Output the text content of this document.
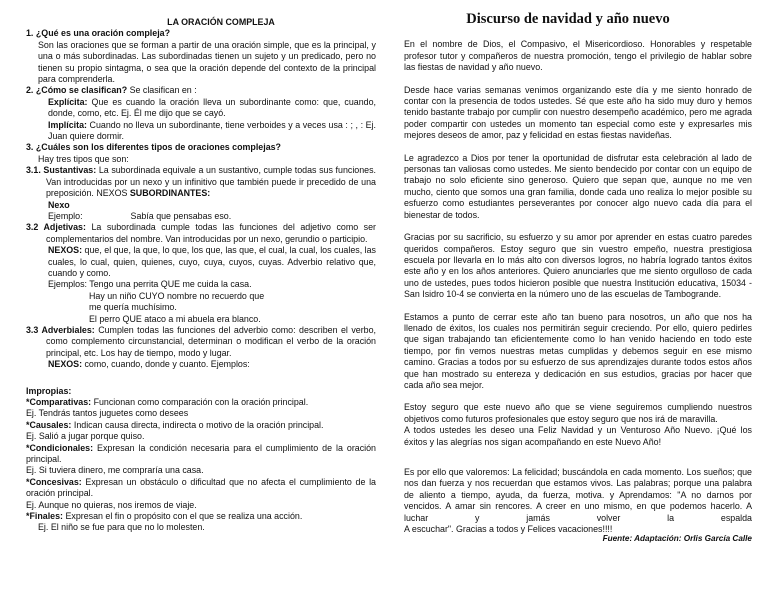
LA ORACIÓN COMPLEJA
1. ¿Qué es una oración compleja?
Son las oraciones que se forman a partir de una oración simple, que es la principal, y una o más subordinadas. Las subordinadas tienen un sujeto y un predicado, pero no tienen su propio sintagma, o sea que la oración depende del contexto de la principal para comprenderla.
2. ¿Cómo se clasifican? Se clasifican en :
Explícita: Que es cuando la oración lleva un subordinante como: que, cuando, donde, como, etc. Ej. Él me dijo que se cayó.
Implícita: Cuando no lleva un subordinante, tiene verboides y a veces usa : ; , : Ej. Juan quiere dormir.
3. ¿Cuáles son los diferentes tipos de oraciones complejas?
Hay tres tipos que son:
3.1. Sustantivas: La subordinada equivale a un sustantivo, cumple todas sus funciones. Van introducidas por un nexo y un infinitivo que también puede ir precedido de una preposición. NEXOS SUBORDINANTES:
Nexo
Ejemplo:	Sabía que pensabas eso.
3.2 Adjetivas: La subordinada cumple todas las funciones del adjetivo como ser complementarios del nombre. Van introducidas por un nexo, gerundio o participio.
NEXOS: que, el que, la que, lo que, los que, las que, el cual, la cual, los cuales, las cuales, lo cual, quien, quienes, cuyo, cuya, cuyos, cuyas. Adverbio relativo que, cuando y como.
Ejemplos: Tengo una perrita QUE me cuida la casa.
Hay un niño CUYO nombre no recuerdo que
me quería muchísimo.
El perro QUE ataco a mi abuela era blanco.
3.3 Adverbiales: Cumplen todas las funciones del adverbio como: describen el verbo, como complemento circunstancial, determinan o modifican el verbo de la oración principal, etc. Los hay de tiempo, modo y lugar.
NEXOS: como, cuando, donde y cuanto. Ejemplos:
Impropias:
*Comparativas: Funcionan como comparación con la oración principal.
Ej. Tendrás tantos juguetes como desees
*Causales: Indican causa directa, indirecta o motivo de la oración principal.
Ej. Salió a jugar porque quiso.
*Condicionales: Expresan la condición necesaria para el cumplimiento de la oración principal.
Ej. Si tuviera dinero, me compraría una casa.
*Concesivas: Expresan un obstáculo o dificultad que no afecta el cumplimiento de la oración principal.
Ej. Aunque no quieras, nos iremos de viaje.
*Finales: Expresan el fin o propósito con el que se realiza una acción.
Ej. El niño se fue para que no lo molesten.
Discurso de navidad y año nuevo
En el nombre de Dios, el Compasivo, el Misericordioso. Honorables y respetable profesor tutor y compañeros de nuestra promoción, tengo el privilegio de hablar sobre las fiestas de navidad y año nuevo.
Desde hace varias semanas venimos organizando este día y me siento honrado de contar con la presencia de todos ustedes. Sé que este año ha sido muy duro y hemos tenido bastante trabajo por cumplir con nuestro desempeño académico, pero me agrada poder compartir con ustedes un momento tan especial como este y expresarles mis mejores deseos de amor, paz y felicidad en estas fiestas navideñas.
Le agradezco a Dios por tener la oportunidad de disfrutar esta celebración al lado de personas tan valiosas como ustedes. Me siento bendecido por contar con un equipo de trabajo no solo eficiente sino generoso. Quiero que sepan que, aunque no me ven mucho, ciento que somos una gran familia, donde cada uno realiza lo mejor posible su esfuerzo como estudiantes perseverantes por conocer algo nuevo cada día para el bienestar de todos.
Gracias por su sacrificio, su esfuerzo y su amor por aprender en estas cuatro paredes queridos compañeros. Estoy seguro que sin vuestro empeño, nuestra prestigiosa escuela por llevarla en lo más alto con diversos logros, no habría logrado tantos éxitos este año y en los años anteriores. Quiero anunciarles que me siento orgulloso de cada uno de ustedes, pues todos hicieron posible que nuestra Institución educativa, 15034 - San Isidro 10-4 se convierta en la número uno de las escuelas de Tambogrande.
Estamos a punto de cerrar este año tan bueno para nosotros, un año que nos ha llenado de éxitos, los cuales nos permitirán seguir creciendo. Por ello, quiero pedirles que sigan trabajando tan eficientemente como lo han venido haciendo en todo este tiempo, por fin vemos nuestras metas cumplidas y debemos seguir en ese mismo camino. Gracias a todos por su esfuerzo de sus aprendizajes durante todos estos años que han mostrado su entereza y dedicación en sus estudios, gracias por hacer que cada año sea mejor.
Estoy seguro que este nuevo año que se viene seguiremos cumpliendo nuestros objetivos como futuros profesionales que estoy seguro que nos irá de maravilla.
A todos ustedes les deseo una Feliz Navidad y un Venturoso Año Nuevo. ¡Qué los éxitos y las alegrías nos sigan acompañando en este Nuevo Año!
Es por ello que valoremos: La felicidad; buscándola en cada momento. Los sueños; que nos dan fuerza y nos recuerdan que estamos vivos. Las palabras; porque una palabra de aliento a tiempo, ayuda, da fuerza, motiva. y Aprendamos: "A no darnos por vencidos. A amar sin rencores. A creer en uno mismo, en que podemos hacerlo. A luchar y jamás volver la espalda
A escuchar". Gracias a todos y Felices vacaciones!!!!
Fuente: Adaptación: Orlis García Calle
